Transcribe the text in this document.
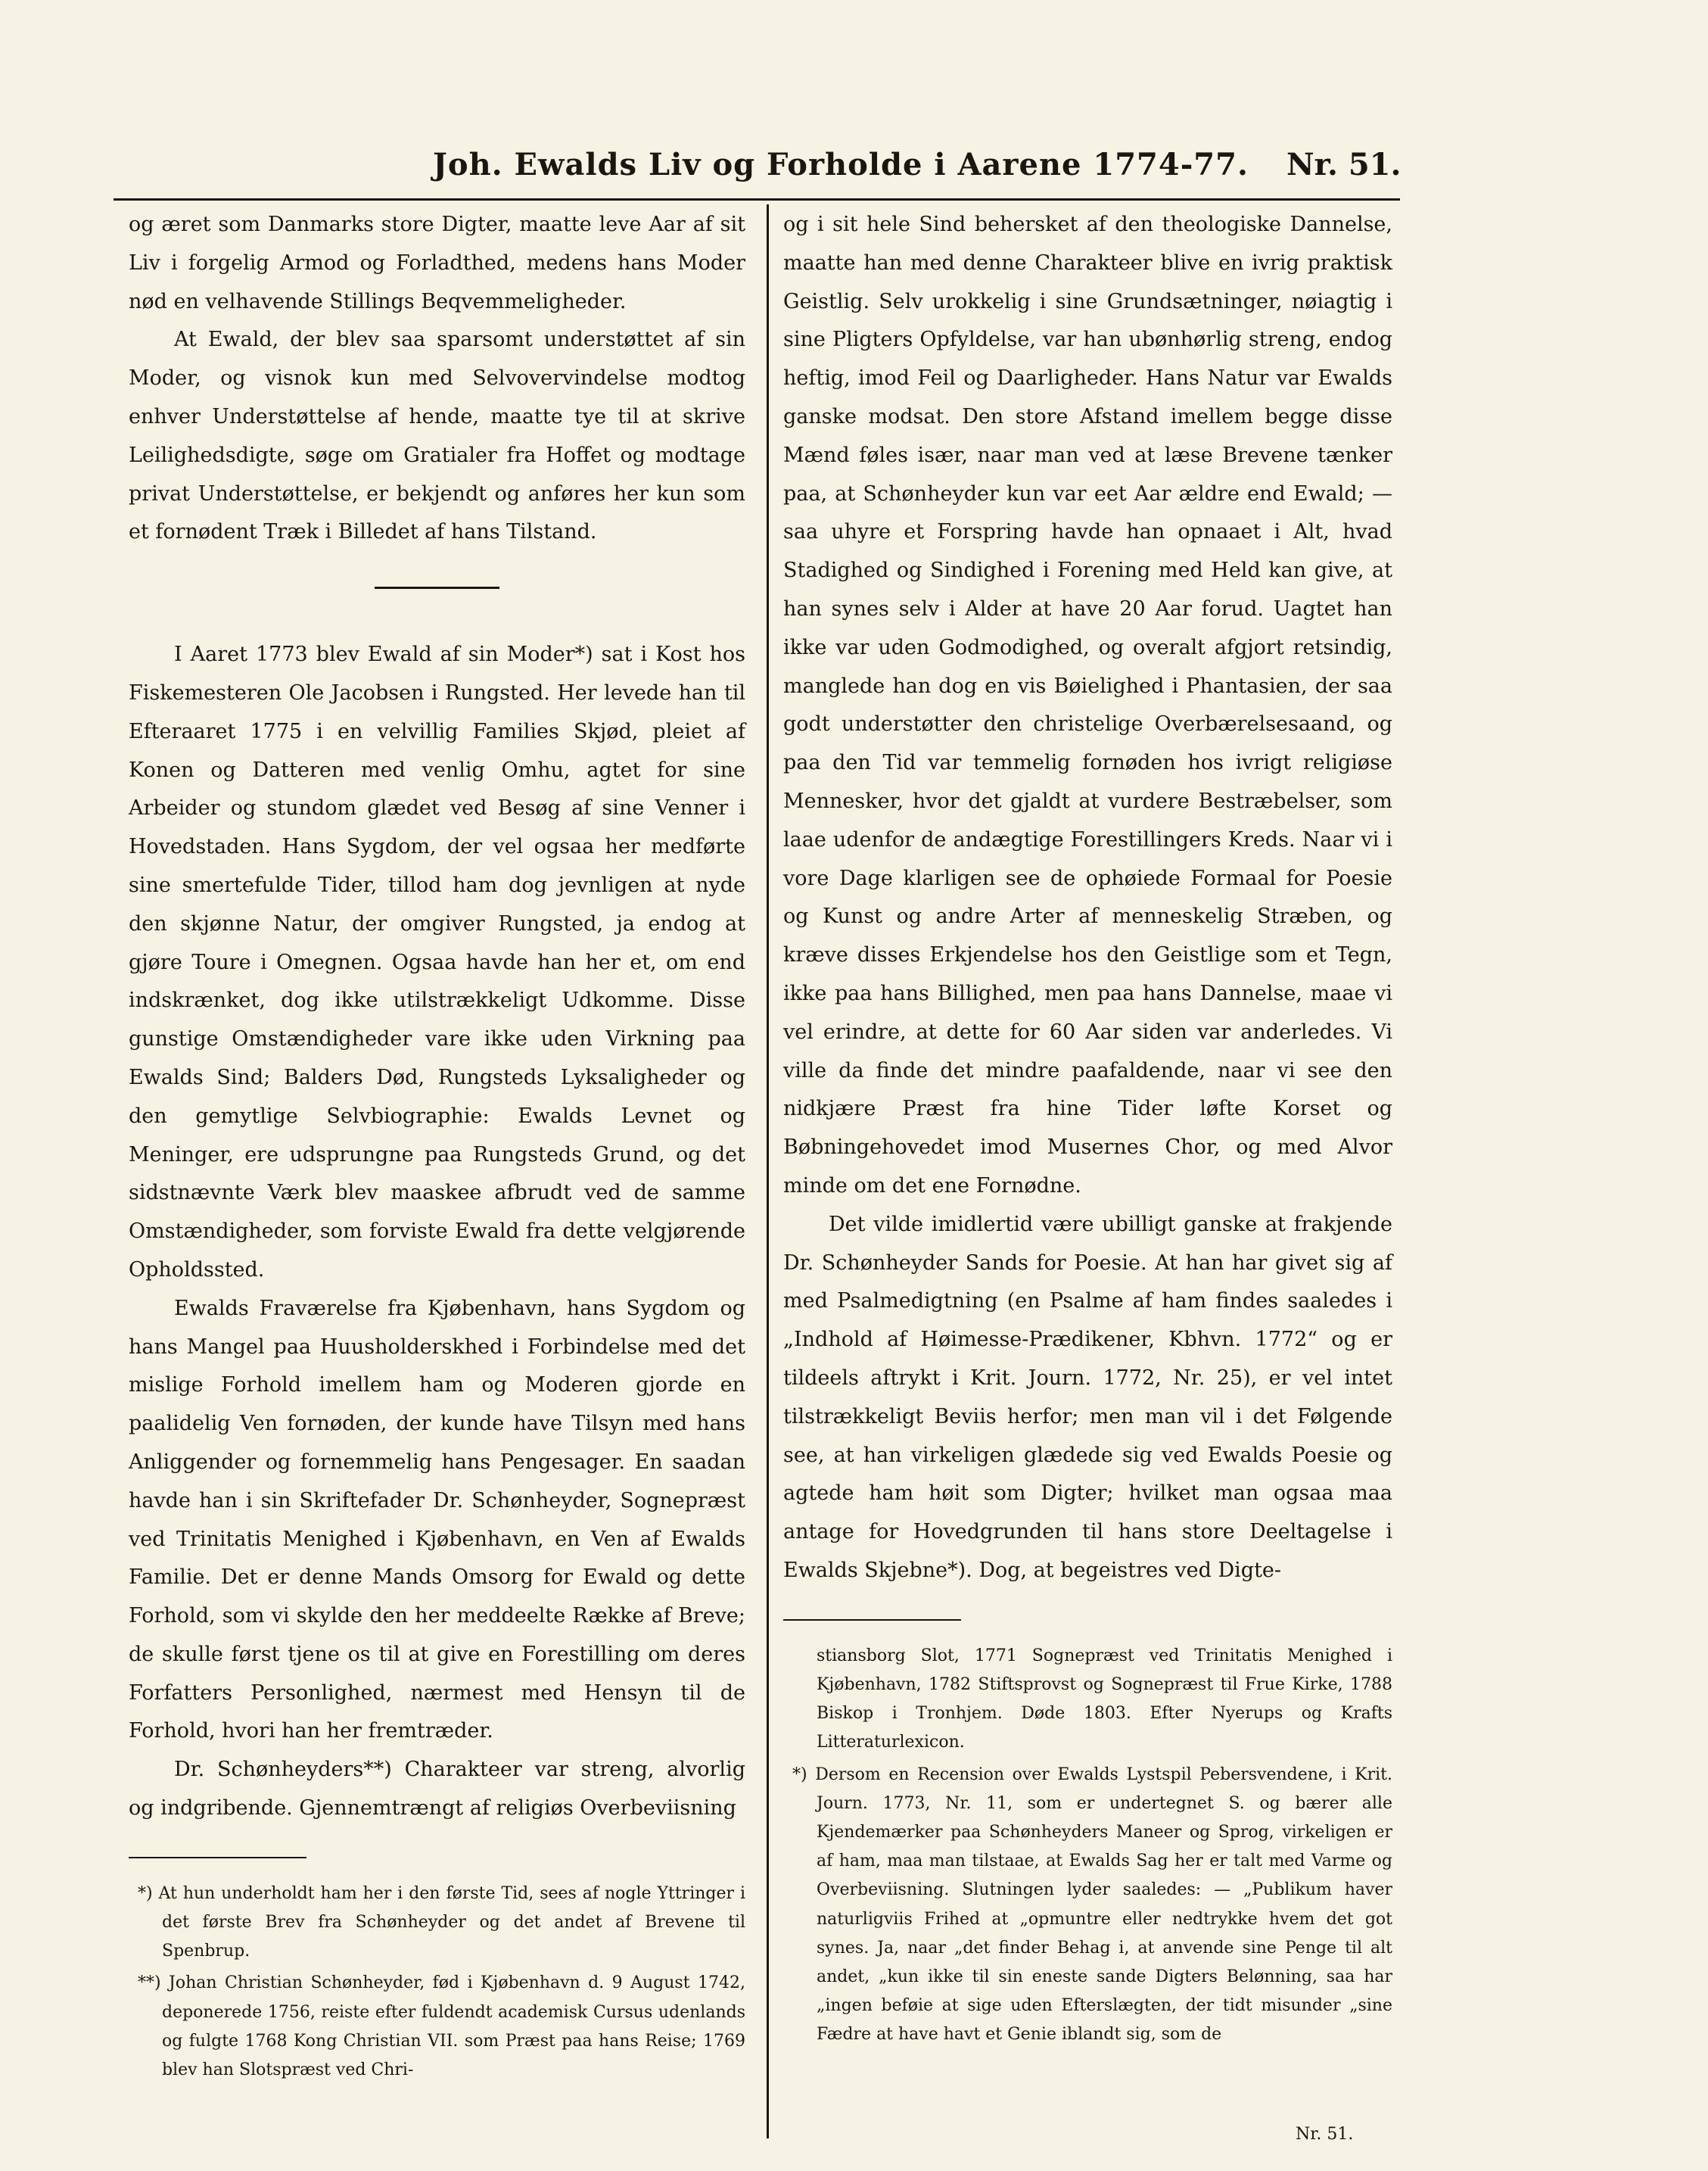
Joh. Ewalds Liv og Forholde i Aarene 1774-77. Nr. 51.

og æret som Danmarks store Digter, maatte leve Aar af sit Liv i forgelig Armod og Forladthed, medens hans Moder nød en velhavende Stillings Beqvemmeligheder.

At Ewald, der blev saa sparsomt understøttet af sin Moder, og visnok kun med Selvovervindelse modtog enhver Understøttelse af hende, maatte tye til at skrive Leilighedsdigte, søge om Gratialer fra Hoffet og modtage privat Understøttelse, er bekjendt og anføres her kun som et fornødent Træk i Billedet af hans Tilstand.

I Aaret 1773 blev Ewald af sin Moder*) sat i Kost hos Fiskemesteren Ole Jacobsen i Rungsted. Her levede han til Efteraaret 1775 i en velvillig Familiеs Skjød, pleiet af Konen og Datteren med venlig Omhu, agtet for sine Arbeider og stundom glædet ved Besøg af sine Venner i Hovedstaden. Hans Sygdom, der vel ogsaa her medførte sine smertefulde Tider, tillod ham dog jevnligen at nyde den skjønne Natur, der omgiver Rungsted, ja endog at gjøre Toure i Omegnen. Ogsaa havde han her et, om end indskrænket, dog ikke utilstrækkeligt Udkomme. Disse gunstige Omstændigheder vare ikke uden Virkning paa Ewalds Sind; Balders Død, Rungsteds Lyksaligheder og den gemytlige Selvbiographie: Ewalds Levnet og Meninger, ere udsprungne paa Rungsteds Grund, og det sidstnævnte Værk blev maaskee afbrudt ved de samme Omstændigheder, som forviste Ewald fra dette velgjørende Opholdssted.

Ewalds Fraværelse fra Kjøbenhavn, hans Sygdom og hans Mangel paa Huusholderskhed i Forbindelse med det mislige Forhold imellem ham og Moderen gjorde en paalidelig Ven fornøden, der kunde have Tilsyn med hans Anliggender og fornemmelig hans Pengesager. En saadan havde han i sin Skriftefader Dr. Schønheyder, Sognepræst ved Trinitatis Menighed i Kjøbenhavn, en Ven af Ewalds Familie. Det er denne Mands Omsorg for Ewald og dette Forhold, som vi skylde den her meddeelte Række af Breve; de skulle først tjene os til at give en Forestilling om deres Forfatters Personlighed, nærmest med Hensyn til de Forhold, hvori han her fremtræder.

Dr. Schønheyders**) Charakteer var streng, alvorlig og indgribende. Gjennemtrængt af religiøs Overbeviisning

*) At hun underholdt ham her i den første Tid, sees af nogle Yttringer i det første Brev fra Schønheyder og det andet af Brevene til Spenbrup.

**) Johan Christian Schønheyder, fød i Kjøbenhavn d. 9 August 1742, deponerede 1756, reiste efter fuldendt academisk Cursus udenlands og fulgte 1768 Kong Christian VII. som Præst paa hans Reise; 1769 blev han Slotspræst ved Chri-

og i sit hele Sind behersket af den theologiske Dannelse, maatte han med denne Charakteer blive en ivrig praktisk Geistlig. Selv urokkelig i sine Grundsætninger, nøiagtig i sine Pligters Opfyldelse, var han ubønhørlig streng, endog heftig, imod Feil og Daarligheder. Hans Natur var Ewalds ganske modsat. Den store Afstand imellem begge disse Mænd føles især, naar man ved at læse Brevene tænker paa, at Schønheyder kun var eet Aar ældre end Ewald; — saa uhyre et Forspring havde han opnaaet i Alt, hvad Stadighed og Sindighed i Forening med Held kan give, at han synes selv i Alder at have 20 Aar forud. Uagtet han ikke var uden Godmodighed, og overalt afgjort retsindig, manglede han dog en vis Bøielighed i Phantasien, der saa godt understøtter den christelige Overbærelsesaand, og paa den Tid var temmelig fornøden hos ivrigt religiøse Mennesker, hvor det gjaldt at vurdere Bestræbelser, som laae udenfor de andægtige Forestillingers Kreds. Naar vi i vore Dage klarligen see de ophøiede Formaal for Poesie og Kunst og andre Arter af menneskelig Stræben, og kræve disses Erkjendelse hos den Geistlige som et Tegn, ikke paa hans Billighed, men paa hans Dannelse, maae vi vel erindre, at dette for 60 Aar siden var anderledes. Vi ville da finde det mindre paafaldende, naar vi see den nidkjære Præst fra hine Tider løfte Korset og Bøbningehovedet imod Musernes Chor, og med Alvor minde om det ene Fornødne.

Det vilde imidlertid være ubilligt ganske at frakjende Dr. Schønheyder Sands for Poesie. At han har givet sig af med Psalmedigtning (en Psalme af ham findes saaledes i „Indhold af Høimesse-Prædikener, Kbhvn. 1772“ og er tildeels aftrykt i Krit. Journ. 1772, Nr. 25), er vel intet tilstrækkeligt Beviis herfor; men man vil i det Følgende see, at han virkeligen glædede sig ved Ewalds Poesie og agtede ham høit som Digter; hvilket man ogsaa maa antage for Hovedgrunden til hans store Deeltagelse i Ewalds Skjebne*). Dog, at begeistres ved Digte-

stiansborg Slot, 1771 Sognepræst ved Trinitatis Menighed i Kjøbenhavn, 1782 Stiftsprovst og Sognepræst til Frue Kirke, 1788 Biskop i Tronhjem. Døde 1803. Efter Nyerups og Krafts Litteraturlexicon.

*) Dersom en Recension over Ewalds Lystspil Pebersvendene, i Krit. Journ. 1773, Nr. 11, som er undertegnet S. og bærer alle Kjendemærker paa Schønheyders Maneer og Sprog, virkeligen er af ham, maa man tilstaae, at Ewalds Sag her er talt med Varme og Overbeviisning. Slutningen lyder saaledes: — „Publikum haver naturligviis Frihed at „opmuntre eller nedtrykke hvem det got synes. Ja, naar „det finder Behag i, at anvende sine Penge til alt andet, „kun ikke til sin eneste sande Digters Belønning, saa har „ingen beføie at sige uden Efterslægten, der tidt misunder „sine Fædre at have havt et Genie iblandt sig, som de

Nr. 51.
